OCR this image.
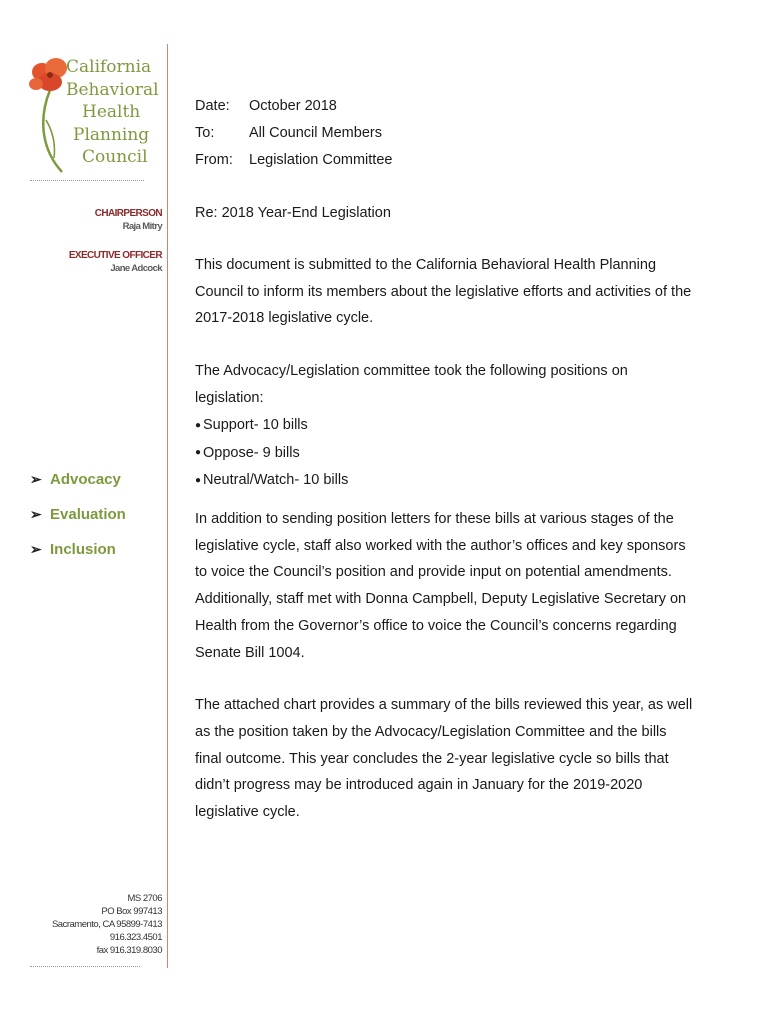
California
Behavioral
Health
Planning
Council
CHAIRPERSON
Raja Mitry
EXECUTIVE OFFICER
Jane Adcock
➢ Advocacy
➢ Evaluation
➢ Inclusion
MS 2706
PO Box 997413
Sacramento, CA 95899-7413
916.323.4501
fax 916.319.8030
Date:	October 2018
To:	All Council Members
From:	Legislation Committee
Re: 2018 Year-End Legislation

This document is submitted to the California Behavioral Health Planning Council to inform its members about the legislative efforts and activities of the 2017-2018 legislative cycle.

The Advocacy/Legislation committee took the following positions on legislation:

● Support- 10 bills
● Oppose- 9 bills
● Neutral/Watch- 10 bills

In addition to sending position letters for these bills at various stages of the legislative cycle, staff also worked with the author’s offices and key sponsors to voice the Council’s position and provide input on potential amendments. Additionally, staff met with Donna Campbell, Deputy Legislative Secretary on Health from the Governor’s office to voice the Council’s concerns regarding Senate Bill 1004.

The attached chart provides a summary of the bills reviewed this year, as well as the position taken by the Advocacy/Legislation Committee and the bills final outcome. This year concludes the 2-year legislative cycle so bills that didn’t progress may be introduced again in January for the 2019-2020 legislative cycle.
